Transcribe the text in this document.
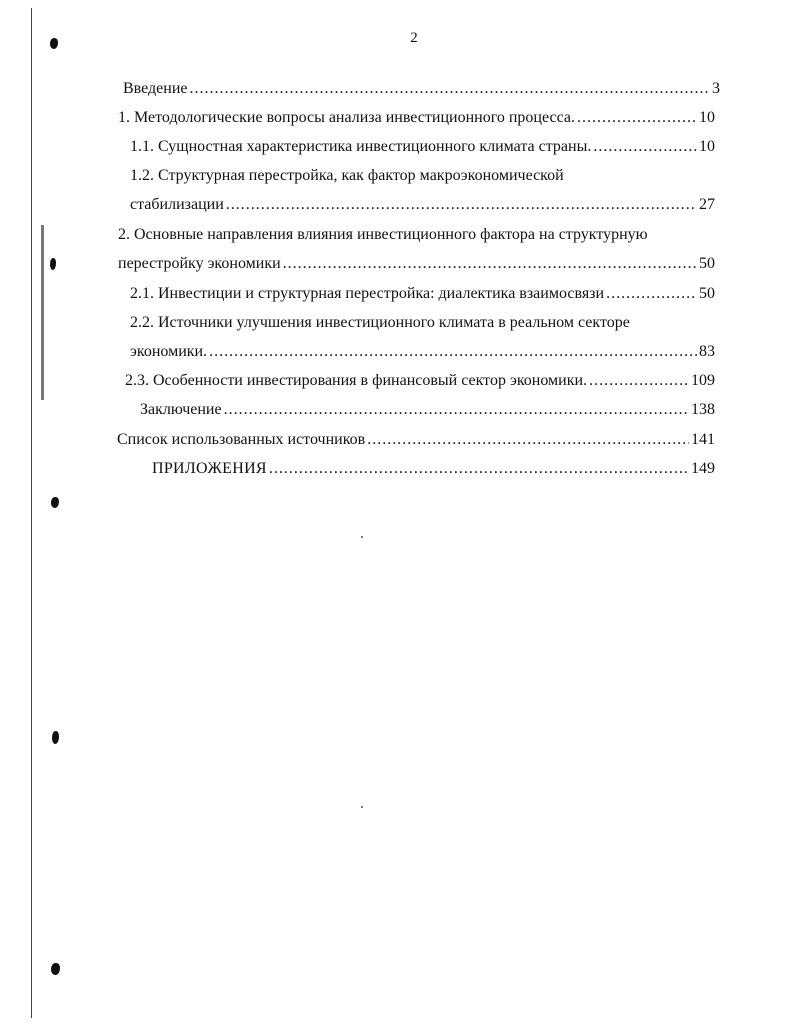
2
Введение .....	3
1. Методологические вопросы анализа инвестиционного процесса. .....	10
1.1. Сущностная характеристика инвестиционного климата страны. .....	10
1.2. Структурная перестройка, как фактор макроэкономической
стабилизации .....	27
2. Основные направления влияния инвестиционного фактора на структурную
перестройку экономики .....	50
2.1. Инвестиции и структурная перестройка: диалектика взаимосвязи .....	50
2.2. Источники улучшения инвестиционного климата в реальном секторе
экономики. .....	83
2.3. Особенности инвестирования в финансовый сектор экономики. .....	109
Заключение .....	138
Список использованных источников .....	141
ПРИЛОЖЕНИЯ .....	149
